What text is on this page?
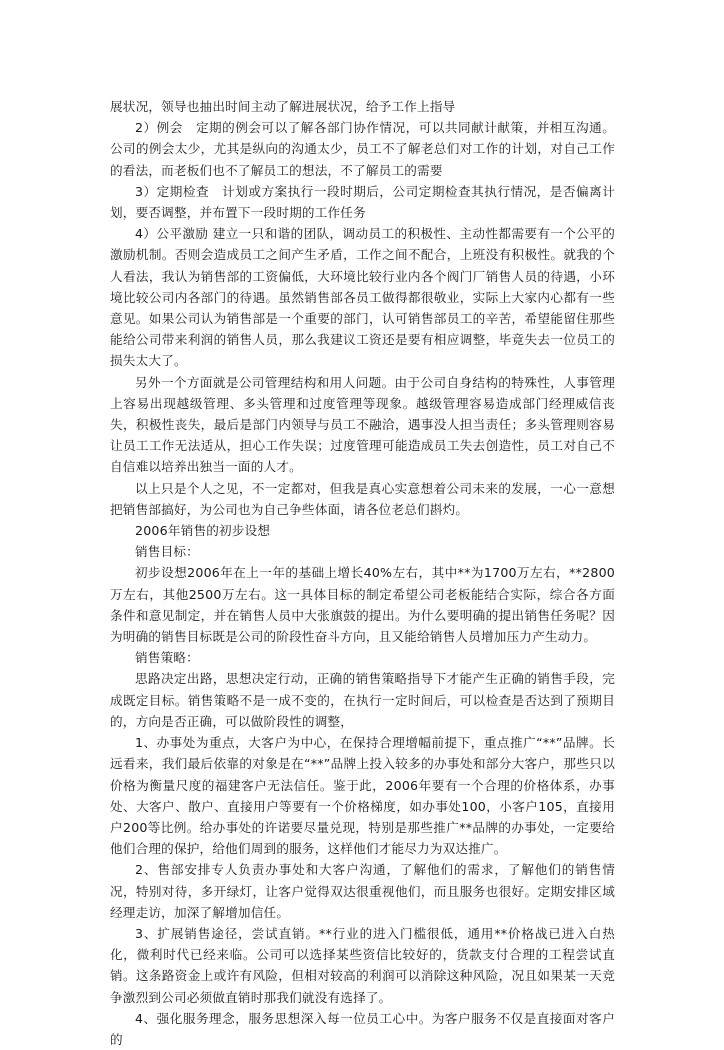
展状况，领导也抽出时间主动了解进展状况，给予工作上指导

2）例会　定期的例会可以了解各部门协作情况，可以共同献计献策，并相互沟通。公司的例会太少，尤其是纵向的沟通太少，员工不了解老总们对工作的计划，对自己工作的看法，而老板们也不了解员工的想法，不了解员工的需要

3）定期检查　计划或方案执行一段时期后，公司定期检查其执行情况，是否偏离计划，要否调整，并布置下一段时期的工作任务

4）公平激励 建立一只和谐的团队，调动员工的积极性、主动性都需要有一个公平的激励机制。否则会造成员工之间产生矛盾，工作之间不配合，上班没有积极性。就我的个人看法，我认为销售部的工资偏低，大环境比较行业内各个阀门厂销售人员的待遇，小环境比较公司内各部门的待遇。虽然销售部各员工做得都很敬业，实际上大家内心都有一些意见。如果公司认为销售部是一个重要的部门，认可销售部员工的辛苦，希望能留住那些能给公司带来利润的销售人员，那么我建议工资还是要有相应调整，毕竟失去一位员工的损失太大了。

另外一个方面就是公司管理结构和用人问题。由于公司自身结构的特殊性，人事管理上容易出现越级管理、多头管理和过度管理等现象。越级管理容易造成部门经理威信丧失，积极性丧失，最后是部门内领导与员工不融洽，遇事没人担当责任；多头管理则容易让员工工作无法适从，担心工作失误；过度管理可能造成员工失去创造性，员工对自己不自信难以培养出独当一面的人才。

以上只是个人之见，不一定都对，但我是真心实意想着公司未来的发展，一心一意想把销售部搞好，为公司也为自己争些体面，请各位老总们斟灼。

2006年销售的初步设想

销售目标：

初步设想2006年在上一年的基础上增长40%左右，其中**为1700万左右，**2800万左右，其他2500万左右。这一具体目标的制定希望公司老板能结合实际，综合各方面条件和意见制定，并在销售人员中大张旗鼓的提出。为什么要明确的提出销售任务呢？因为明确的销售目标既是公司的阶段性奋斗方向，且又能给销售人员增加压力产生动力。

销售策略：

思路决定出路，思想决定行动，正确的销售策略指导下才能产生正确的销售手段，完成既定目标。销售策略不是一成不变的，在执行一定时间后，可以检查是否达到了预期目的，方向是否正确，可以做阶段性的调整，

1、办事处为重点，大客户为中心，在保持合理增幅前提下，重点推广“**”品牌。长远看来，我们最后依靠的对象是在“**”品牌上投入较多的办事处和部分大客户，那些只以价格为衡量尺度的福建客户无法信任。鉴于此，2006年要有一个合理的价格体系，办事处、大客户、散户、直接用户等要有一个价格梯度，如办事处100，小客户105，直接用户200等比例。给办事处的许诺要尽量兑现，特别是那些推广**品牌的办事处，一定要给他们合理的保护，给他们周到的服务，这样他们才能尽力为双达推广。

2、售部安排专人负责办事处和大客户沟通，了解他们的需求，了解他们的销售情况，特别对待，多开绿灯，让客户觉得双达很重视他们，而且服务也很好。定期安排区域经理走访，加深了解增加信任。

3、扩展销售途径，尝试直销。**行业的进入门槛很低，通用**价格战已进入白热化，微利时代已经来临。公司可以选择某些资信比较好的，货款支付合理的工程尝试直销。这条路资金上或许有风险，但相对较高的利润可以消除这种风险，况且如果某一天竞争激烈到公司必须做直销时那我们就没有选择了。

4、强化服务理念，服务思想深入每一位员工心中。为客户服务不仅是直接面对客户的
